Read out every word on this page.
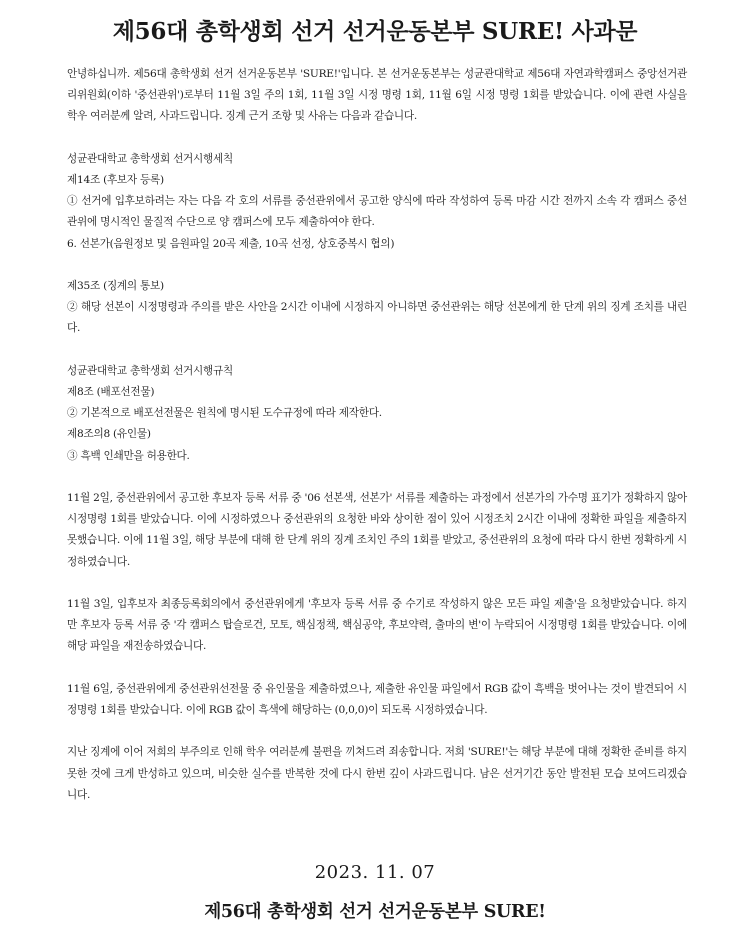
제56대 총학생회 선거 선거운동본부 SURE! 사과문

안녕하십니까. 제56대 총학생회 선거 선거운동본부 'SURE!'입니다. 본 선거운동본부는 성균관대학교 제56대 자연과학캠퍼스 중앙선거관리위원회(이하 '중선관위')로부터 11월 3일 주의 1회, 11월 3일 시정 명령 1회, 11월 6일 시정 명령 1회를 받았습니다. 이에 관련 사실을 학우 여러분께 알려, 사과드립니다. 징계 근거 조항 및 사유는 다음과 같습니다.

성균관대학교 총학생회 선거시행세칙
제14조 (후보자 등록)
① 선거에 입후보하려는 자는 다음 각 호의 서류를 중선관위에서 공고한 양식에 따라 작성하여 등록 마감 시간 전까지 소속 각 캠퍼스 중선관위에 명시적인 물질적 수단으로 양 캠퍼스에 모두 제출하여야 한다.
6. 선본가(음원정보 및 음원파일 20곡 제출, 10곡 선정, 상호중복시 협의)

제35조 (징계의 통보)
② 해당 선본이 시정명령과 주의를 받은 사안을 2시간 이내에 시정하지 아니하면 중선관위는 해당 선본에게 한 단계 위의 징계 조치를 내린다.

성균관대학교 총학생회 선거시행규칙
제8조 (배포선전물)
② 기본적으로 배포선전물은 원칙에 명시된 도수규정에 따라 제작한다.
제8조의8 (유인물)
③ 흑백 인쇄만을 허용한다.

11월 2일, 중선관위에서 공고한 후보자 등록 서류 중 '06 선본색, 선본가' 서류를 제출하는 과정에서 선본가의 가수명 표기가 정확하지 않아 시정명령 1회를 받았습니다. 이에 시정하였으나 중선관위의 요청한 바와 상이한 점이 있어 시정조치 2시간 이내에 정확한 파일을 제출하지 못했습니다. 이에 11월 3일, 해당 부분에 대해 한 단계 위의 징계 조치인 주의 1회를 받았고, 중선관위의 요청에 따라 다시 한번 정확하게 시정하였습니다.

11월 3일, 입후보자 최종등록회의에서 중선관위에게 '후보자 등록 서류 중 수기로 작성하지 않은 모든 파일 제출'을 요청받았습니다. 하지만 후보자 등록 서류 중 '각 캠퍼스 탑슬로건, 모토, 핵심정책, 핵심공약, 후보약력, 출마의 변'이 누락되어 시정명령 1회를 받았습니다. 이에 해당 파일을 재전송하였습니다.

11월 6일, 중선관위에게 중선관위선전물 중 유인물을 제출하였으나, 제출한 유인물 파일에서 RGB 값이 흑백을 벗어나는 것이 발견되어 시정명령 1회를 받았습니다. 이에 RGB 값이 흑색에 해당하는 (0,0,0)이 되도록 시정하였습니다.

지난 징계에 이어 저희의 부주의로 인해 학우 여러분께 불편을 끼쳐드려 죄송합니다. 저희 'SURE!'는 해당 부분에 대해 정확한 준비를 하지 못한 것에 크게 반성하고 있으며, 비슷한 실수를 반복한 것에 다시 한번 깊이 사과드립니다. 남은 선거기간 동안 발전된 모습 보여드리겠습니다.

2023. 11. 07
제56대 총학생회 선거 선거운동본부 SURE!
